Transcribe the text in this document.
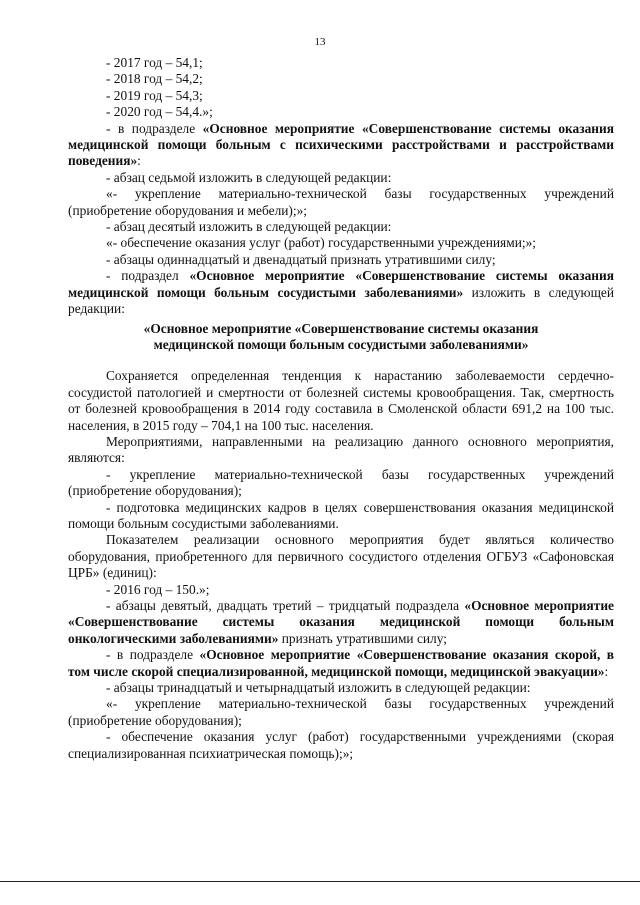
13

- 2017 год – 54,1;

- 2018 год – 54,2;

- 2019 год – 54,3;

- 2020 год – 54,4.»;

- в подразделе «Основное мероприятие «Совершенствование системы оказания медицинской помощи больным с психическими расстройствами и расстройствами поведения»:

- абзац седьмой изложить в следующей редакции:

«- укрепление материально-технической базы государственных учреждений (приобретение оборудования и мебели);»;

- абзац десятый изложить в следующей редакции:

«- обеспечение оказания услуг (работ) государственными учреждениями;»;

- абзацы одиннадцатый и двенадцатый признать утратившими силу;

- подраздел «Основное мероприятие «Совершенствование системы оказания медицинской помощи больным сосудистыми заболеваниями» изложить в следующей редакции:

«Основное мероприятие «Совершенствование системы оказания

медицинской помощи больным сосудистыми заболеваниями»

Сохраняется определенная тенденция к нарастанию заболеваемости сердечно-сосудистой патологией и смертности от болезней системы кровообращения. Так, смертность от болезней кровообращения в 2014 году составила в Смоленской области 691,2 на 100 тыс. населения, в 2015 году – 704,1 на 100 тыс. населения.

Мероприятиями, направленными на реализацию данного основного мероприятия, являются:

- укрепление материально-технической базы государственных учреждений (приобретение оборудования);

- подготовка медицинских кадров в целях совершенствования оказания медицинской помощи больным сосудистыми заболеваниями.

Показателем реализации основного мероприятия будет являться количество оборудования, приобретенного для первичного сосудистого отделения ОГБУЗ «Сафоновская ЦРБ» (единиц):

- 2016 год – 150.»;

- абзацы девятый, двадцать третий – тридцатый подраздела «Основное мероприятие «Совершенствование системы оказания медицинской помощи больным онкологическими заболеваниями» признать утратившими силу;

- в подразделе «Основное мероприятие «Совершенствование оказания скорой, в том числе скорой специализированной, медицинской помощи, медицинской эвакуации»:

- абзацы тринадцатый и четырнадцатый изложить в следующей редакции:

«- укрепление материально-технической базы государственных учреждений (приобретение оборудования);

- обеспечение оказания услуг (работ) государственными учреждениями (скорая специализированная психиатрическая помощь);»;
